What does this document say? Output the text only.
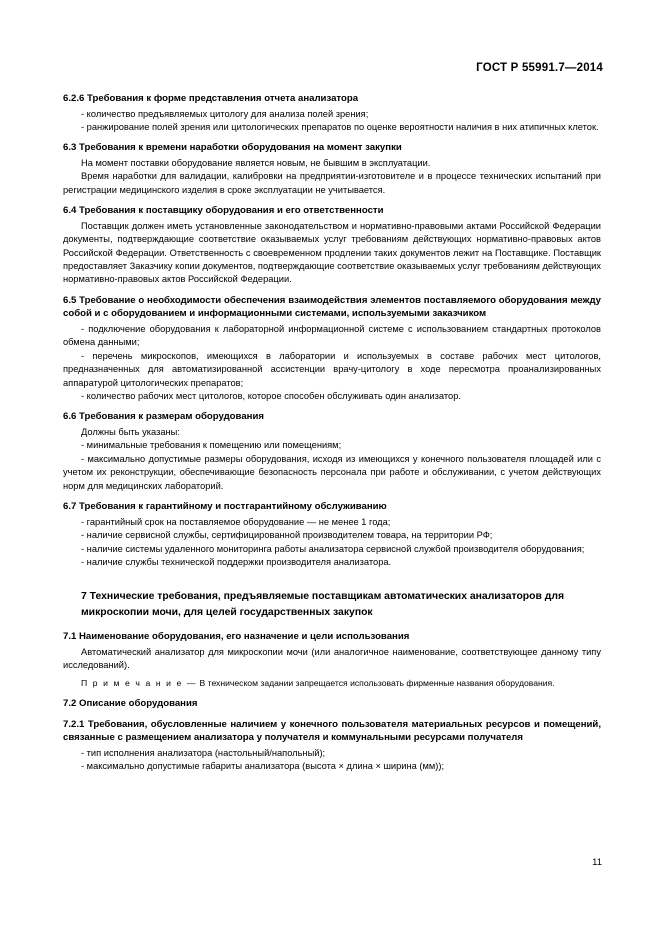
ГОСТ Р 55991.7—2014

6.2.6 Требования к форме представления отчета анализатора

- количество предъявляемых цитологу для анализа полей зрения;

- ранжирование полей зрения или цитологических препаратов по оценке вероятности наличия в них атипичных клеток.

6.3 Требования к времени наработки оборудования на момент закупки

На момент поставки оборудование является новым, не бывшим в эксплуатации.

Время наработки для валидации, калибровки на предприятии-изготовителе и в процессе технических испытаний при регистрации медицинского изделия в сроке эксплуатации не учитывается.

6.4 Требования к поставщику оборудования и его ответственности

Поставщик должен иметь установленные законодательством и нормативно-правовыми актами Российской Федерации документы, подтверждающие соответствие оказываемых услуг требованиям действующих нормативно-правовых актов Российской Федерации. Ответственность с своевременном продлении таких документов лежит на Поставщике. Поставщик предоставляет Заказчику копии документов, подтверждающие соответствие оказываемых услуг требованиям действующих нормативно-правовых актов Российской Федерации.

6.5 Требование о необходимости обеспечения взаимодействия элементов поставляемого оборудования между собой и с оборудованием и информационными системами, используемыми заказчиком

- подключение оборудования к лабораторной информационной системе с использованием стандартных протоколов обмена данными;

- перечень микроскопов, имеющихся в лаборатории и используемых в составе рабочих мест цитологов, предназначенных для автоматизированной ассистенции врачу-цитологу в ходе пересмотра проанализированных аппаратурой цитологических препаратов;

- количество рабочих мест цитологов, которое способен обслуживать один анализатор.

6.6 Требования к размерам оборудования

Должны быть указаны:

- минимальные требования к помещению или помещениям;

- максимально допустимые размеры оборудования, исходя из имеющихся у конечного пользователя площадей или с учетом их реконструкции, обеспечивающие безопасность персонала при работе и обслуживании, с учетом действующих норм для медицинских лабораторий.

6.7 Требования к гарантийному и постгарантийному обслуживанию

- гарантийный срок на поставляемое оборудование — не менее 1 года;

- наличие сервисной службы, сертифицированной производителем товара, на территории РФ;

- наличие системы удаленного мониторинга работы анализатора сервисной службой производителя оборудования;

- наличие службы технической поддержки производителя анализатора.

7 Технические требования, предъявляемые поставщикам автоматических анализаторов для микроскопии мочи, для целей государственных закупок

7.1 Наименование оборудования, его назначение и цели использования

Автоматический анализатор для микроскопии мочи (или аналогичное наименование, соответствующее данному типу исследований).

П р и м е ч а н и е — В техническом задании запрещается использовать фирменные названия оборудования.

7.2 Описание оборудования

7.2.1 Требования, обусловленные наличием у конечного пользователя материальных ресурсов и помещений, связанные с размещением анализатора у получателя и коммунальными ресурсами получателя

- тип исполнения анализатора (настольный/напольный);

- максимально допустимые габариты анализатора (высота × длина × ширина (мм));

11
